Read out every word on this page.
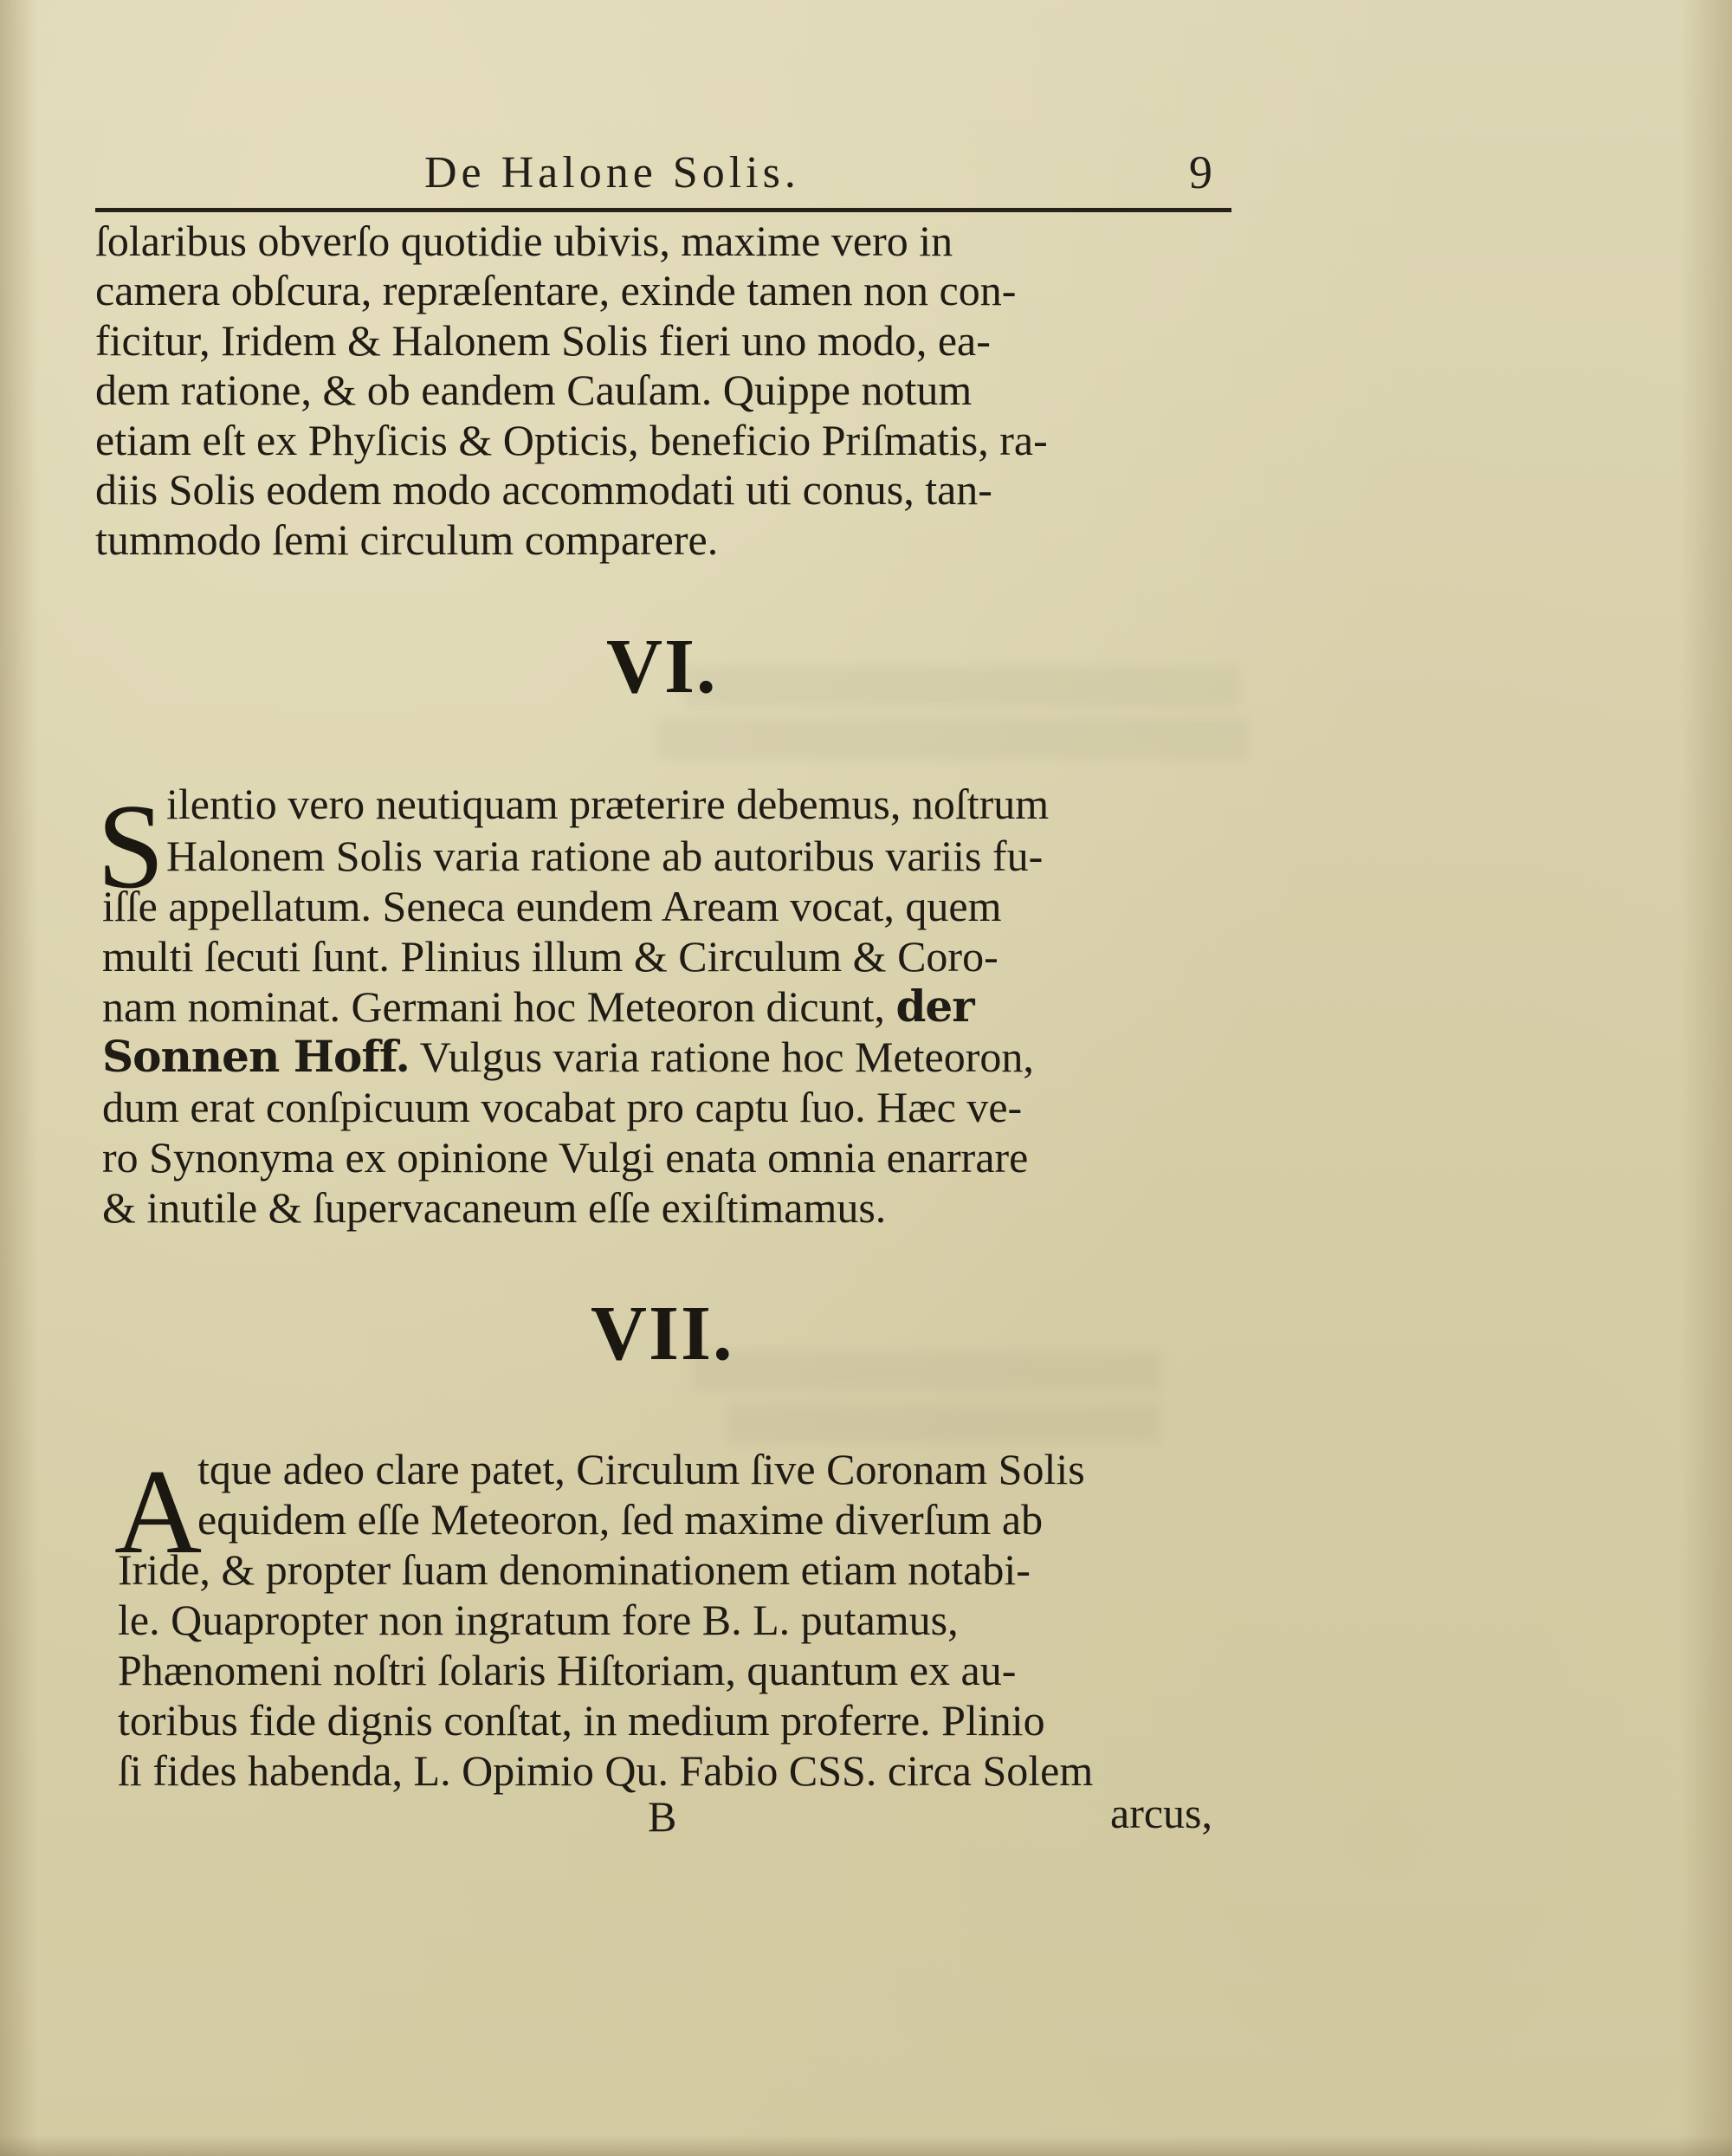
De Halone Solis.	9
ſolaribus obverſo quotidie ubivis, maxime vero in
camera obſcura, repræſentare, exinde tamen non con-
ficitur, Iridem & Halonem Solis fieri uno modo, ea-
dem ratione, & ob eandem Cauſam. Quippe notum
etiam eſt ex Phyſicis & Opticis, beneficio Priſmatis, ra-
diis Solis eodem modo accommodati uti conus, tan-
tummodo ſemi circulum comparere.
VI.
S ilentio vero neutiquam præterire debemus, noſtrum
Halonem Solis varia ratione ab autoribus variis fu-
iſſe appellatum. Seneca eundem Aream vocat, quem
multi ſecuti ſunt. Plinius illum & Circulum & Coro-
nam nominat. Germani hoc Meteoron dicunt, der
Sonnen Hoff. Vulgus varia ratione hoc Meteoron,
dum erat conſpicuum vocabat pro captu ſuo. Hæc ve-
ro Synonyma ex opinione Vulgi enata omnia enarrare
& inutile & ſupervacaneum eſſe exiſtimamus.
VII.
A
tque adeo clare patet, Circulum ſive Coronam Solis
equidem eſſe Meteoron, ſed maxime diverſum ab
Iride, & propter ſuam denominationem etiam notabi-
le. Quapropter non ingratum fore B. L. putamus,
Phænomeni noſtri ſolaris Hiſtoriam, quantum ex au-
toribus fide dignis conſtat, in medium proferre. Plinio
ſi fides habenda, L. Opimio Qu. Fabio CSS. circa Solem
B	arcus,
